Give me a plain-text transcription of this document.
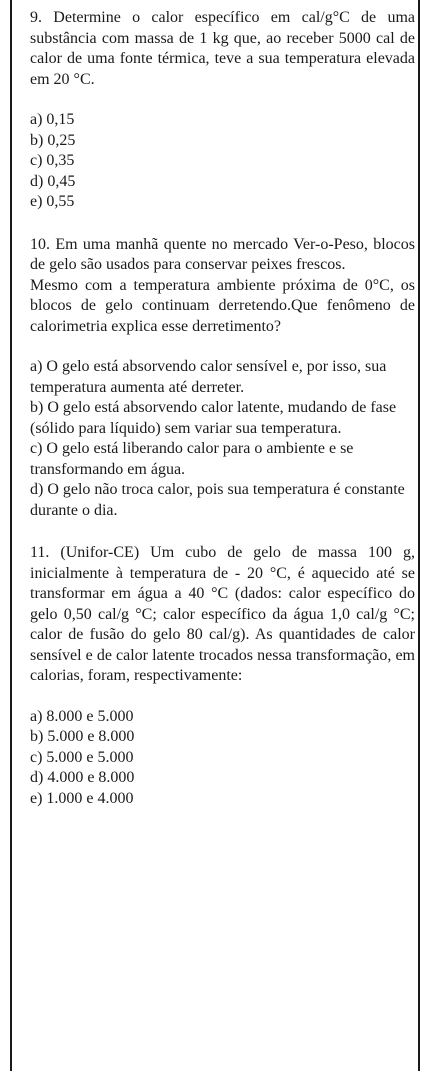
9. Determine o calor específico em cal/g°C de uma substância com massa de 1 kg que, ao receber 5000 cal de calor de uma fonte térmica, teve a sua temperatura elevada em 20 °C.

a) 0,15
b) 0,25
c) 0,35
d) 0,45
e) 0,55

10. Em uma manhã quente no mercado Ver-o-Peso, blocos de gelo são usados para conservar peixes frescos.

Mesmo com a temperatura ambiente próxima de 0°C, os blocos de gelo continuam derretendo.Que fenômeno de calorimetria explica esse derretimento?

a) O gelo está absorvendo calor sensível e, por isso, sua temperatura aumenta até derreter.
b) O gelo está absorvendo calor latente, mudando de fase (sólido para líquido) sem variar sua temperatura.
c) O gelo está liberando calor para o ambiente e se transformando em água.
d) O gelo não troca calor, pois sua temperatura é constante durante o dia.

11. (Unifor-CE) Um cubo de gelo de massa 100 g, inicialmente à temperatura de - 20 °C, é aquecido até se transformar em água a 40 °C (dados: calor específico do gelo 0,50 cal/g °C; calor específico da água 1,0 cal/g °C; calor de fusão do gelo 80 cal/g). As quantidades de calor sensível e de calor latente trocados nessa transformação, em calorias, foram, respectivamente:

a) 8.000 e 5.000
b) 5.000 e 8.000
c) 5.000 e 5.000
d) 4.000 e 8.000
e) 1.000 e 4.000
